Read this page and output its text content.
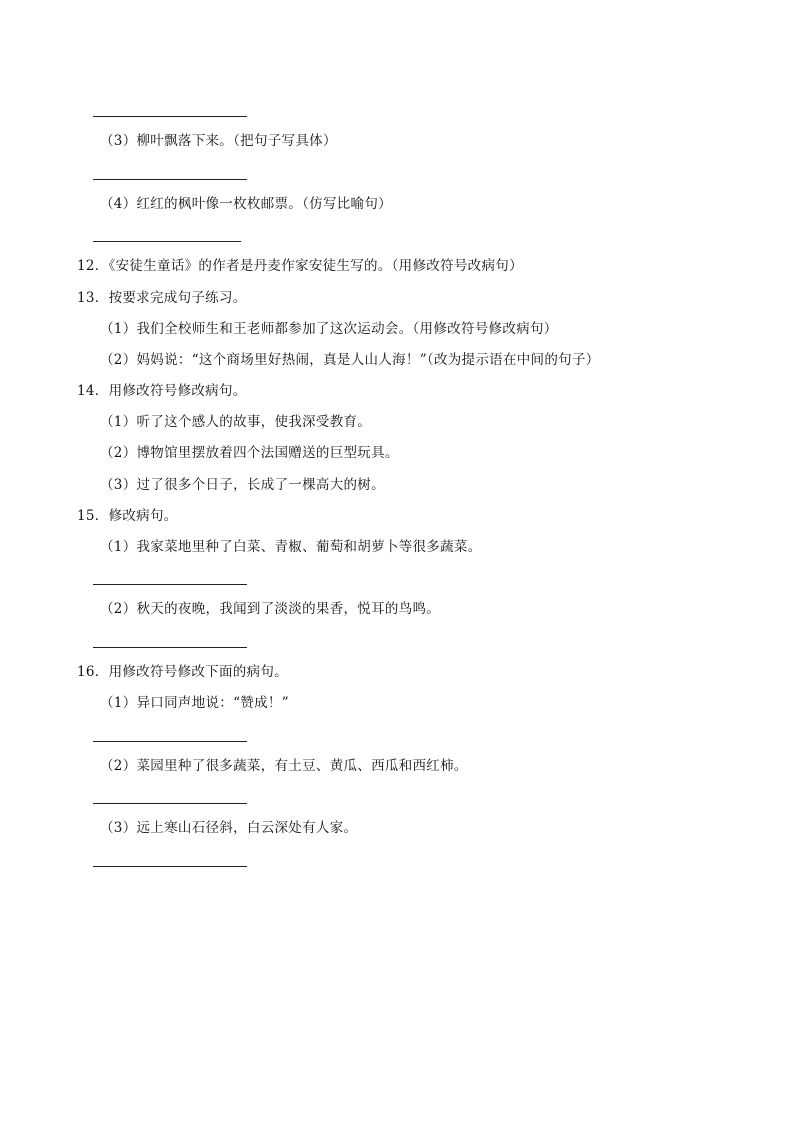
（3）柳叶飘落下来。（把句子写具体）
（4）红红的枫叶像一枚枚邮票。（仿写比喻句）
12．《安徒生童话》的作者是丹麦作家安徒生写的。（用修改符号改病句）
13．按要求完成句子练习。
（1）我们全校师生和王老师都参加了这次运动会。（用修改符号修改病句）
（2）妈妈说：“这个商场里好热闹，真是人山人海！”（改为提示语在中间的句子）
14．用修改符号修改病句。
（1）听了这个感人的故事，使我深受教育。
（2）博物馆里摆放着四个法国赠送的巨型玩具。
（3）过了很多个日子，长成了一棵高大的树。
15．修改病句。
（1）我家菜地里种了白菜、青椒、葡萄和胡萝卜等很多蔬菜。
（2）秋天的夜晚，我闻到了淡淡的果香，悦耳的鸟鸣。
16．用修改符号修改下面的病句。
（1）异口同声地说：“赞成！”
（2）菜园里种了很多蔬菜，有土豆、黄瓜、西瓜和西红柿。
（3）远上寒山石径斜，白云深处有人家。
